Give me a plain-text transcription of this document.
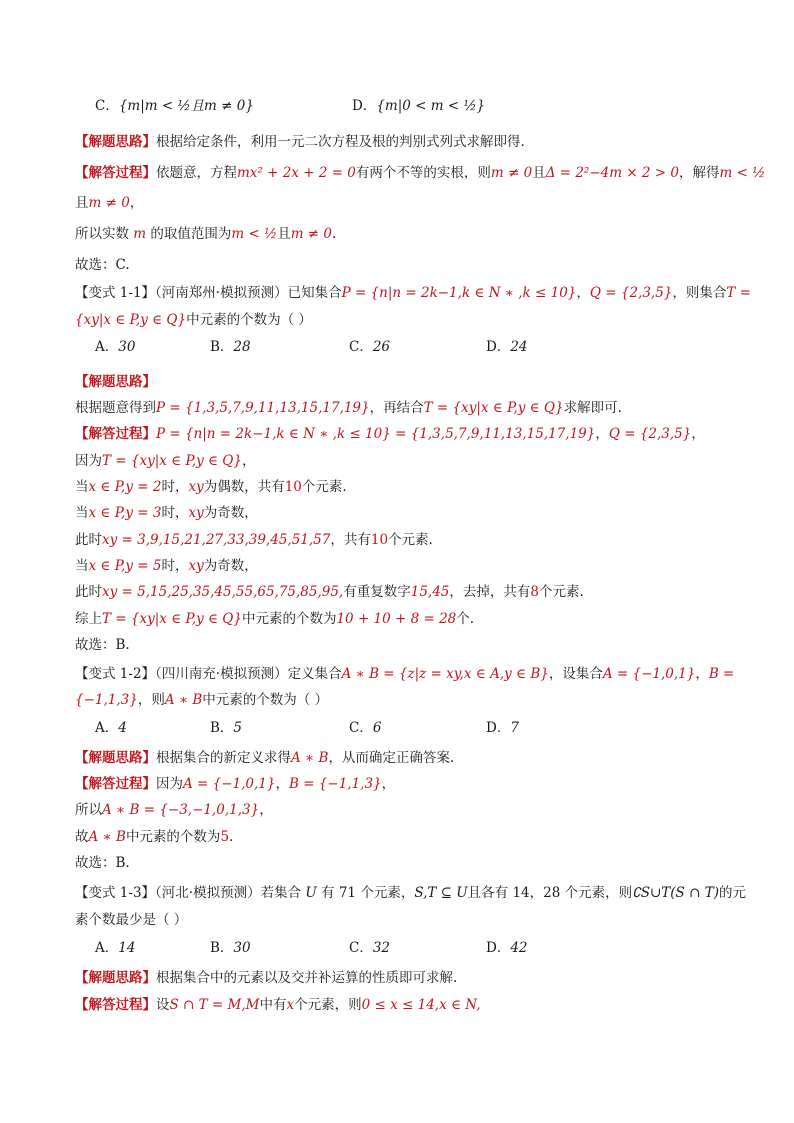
【解题思路】根据给定条件，利用一元二次方程及根的判别式列式求解即得.
【解答过程】依题意，方程mx² + 2x + 2 = 0有两个不等的实根，则m ≠ 0且Δ = 2²−4m × 2 > 0，解得m < ½
且m ≠ 0，
所以实数 m 的取值范围为m < ½且m ≠ 0.
故选：C.
【变式 1-1】（河南郑州·模拟预测）已知集合P = {n|n = 2k−1,k ∈ N ∗ ,k ≤ 10}，Q = {2,3,5}，则集合T =
{xy|x ∈ P,y ∈ Q}中元素的个数为（ ）
【解题思路】
根据题意得到P = {1,3,5,7,9,11,13,15,17,19}，再结合T = {xy|x ∈ P,y ∈ Q}求解即可.
【解答过程】P = {n|n = 2k−1,k ∈ N ∗ ,k ≤ 10} = {1,3,5,7,9,11,13,15,17,19}，Q = {2,3,5}，
因为T = {xy|x ∈ P,y ∈ Q}，
当x ∈ P,y = 2时，xy为偶数，共有10个元素.
当x ∈ P,y = 3时，xy为奇数，
此时xy = 3,9,15,21,27,33,39,45,51,57，共有10个元素.
当x ∈ P,y = 5时，xy为奇数，
此时xy = 5,15,25,35,45,55,65,75,85,95,有重复数字15,45，去掉，共有8个元素.
综上T = {xy|x ∈ P,y ∈ Q}中元素的个数为10 + 10 + 8 = 28个.
故选：B.
【变式 1-2】（四川南充·模拟预测）定义集合A ∗ B = {z|z = xy,x ∈ A,y ∈ B}，设集合A = {−1,0,1}，B =
{−1,1,3}，则A ∗ B中元素的个数为（ ）
【解题思路】根据集合的新定义求得A ∗ B，从而确定正确答案.
【解答过程】因为A = {−1,0,1}，B = {−1,1,3}，
所以A ∗ B = {−3,−1,0,1,3}，
故A ∗ B中元素的个数为5.
故选：B.
【变式 1-3】（河北·模拟预测）若集合 U 有 71 个元素，S,T ⊆ U且各有 14，28 个元素，则∁S∪T(S ∩ T)的元
素个数最少是（ ）
【解题思路】根据集合中的元素以及交并补运算的性质即可求解.
【解答过程】设S ∩ T = M,M中有x个元素，则0 ≤ x ≤ 14,x ∈ N,
C．{m|m < ½且m ≠ 0}	D．{m|0 < m < ½}
A．30	B．28	C．26	D．24
A．4	B．5	C．6	D．7
A．14	B．30	C．32	D．42
